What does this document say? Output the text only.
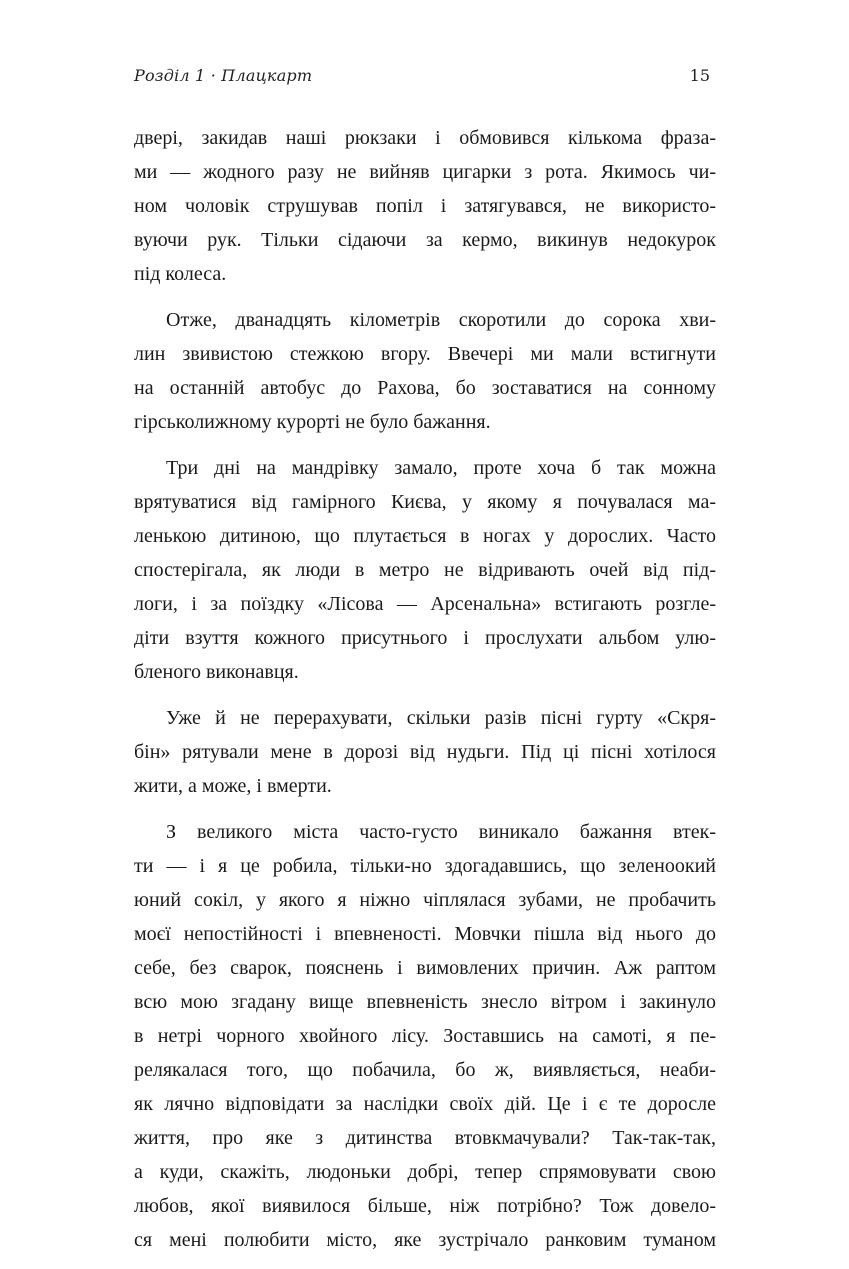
Розділ 1 · Плацкарт	15
двері, закидав наші рюкзаки і обмовився кількома фраза-
ми — жодного разу не вийняв цигарки з рота. Якимось чи-
ном чоловік струшував попіл і затягувався, не використо-
вуючи рук. Тільки сідаючи за кермо, викинув недокурок
під колеса.
Отже, дванадцять кілометрів скоротили до сорока хви-
лин звивистою стежкою вгору. Ввечері ми мали встигнути
на останній автобус до Рахова, бо зоставатися на сонному
гірськолижному курорті не було бажання.
Три дні на мандрівку замало, проте хоча б так можна
врятуватися від гамірного Києва, у якому я почувалася ма-
ленькою дитиною, що плутається в ногах у дорослих. Часто
спостерігала, як люди в метро не відривають очей від під-
логи, і за поїздку «Лісова — Арсенальна» встигають розгле-
діти взуття кожного присутнього і прослухати альбом улю-
бленого виконавця.
Уже й не перерахувати, скільки разів пісні гурту «Скря-
бін» рятували мене в дорозі від нудьги. Під ці пісні хотілося
жити, а може, і вмерти.
З великого міста часто-густо виникало бажання втек-
ти — і я це робила, тільки-но здогадавшись, що зеленоокий
юний сокіл, у якого я ніжно чіплялася зубами, не пробачить
моєї непостійності і впевненості. Мовчки пішла від нього до
себе, без сварок, пояснень і вимовлених причин. Аж раптом
всю мою згадану вище впевненість знесло вітром і закинуло
в нетрі чорного хвойного лісу. Зоставшись на самоті, я пе-
релякалася того, що побачила, бо ж, виявляється, неаби-
як лячно відповідати за наслідки своїх дій. Це і є те доросле
життя, про яке з дитинства втовкмачували? Так-так-так,
а куди, скажіть, людоньки добрі, тепер спрямовувати свою
любов, якої виявилося більше, ніж потрібно? Тож довело-
ся мені полюбити місто, яке зустрічало ранковим туманом
